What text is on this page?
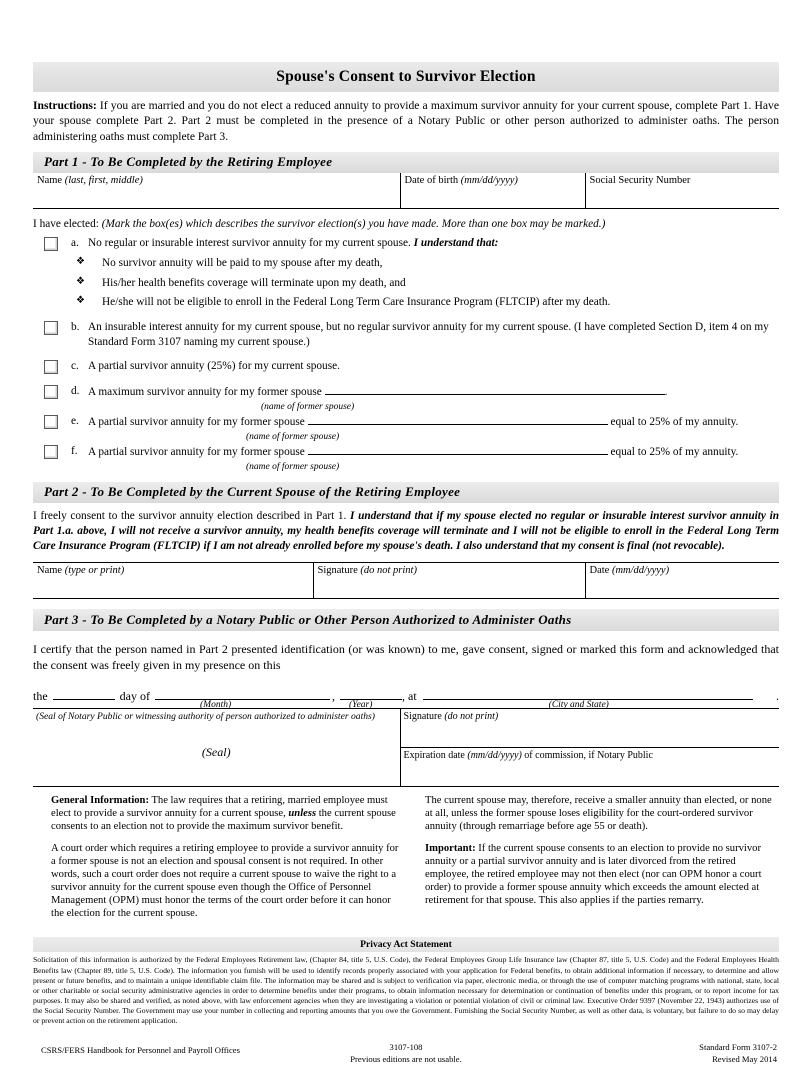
Spouse's Consent to Survivor Election
Instructions: If you are married and you do not elect a reduced annuity to provide a maximum survivor annuity for your current spouse, complete Part 1. Have your spouse complete Part 2. Part 2 must be completed in the presence of a Notary Public or other person authorized to administer oaths. The person administering oaths must complete Part 3.
Part 1 - To Be Completed by the Retiring Employee
Name (last, first, middle)	Date of birth (mm/dd/yyyy)	Social Security Number
I have elected: (Mark the box(es) which describes the survivor election(s) you have made. More than one box may be marked.)
a. No regular or insurable interest survivor annuity for my current spouse. I understand that:
❖	No survivor annuity will be paid to my spouse after my death,
❖	His/her health benefits coverage will terminate upon my death, and
❖	He/she will not be eligible to enroll in the Federal Long Term Care Insurance Program (FLTCIP) after my death.
b. An insurable interest annuity for my current spouse, but no regular survivor annuity for my current spouse. (I have completed Section D, item 4 on my Standard Form 3107 naming my current spouse.)
c. A partial survivor annuity (25%) for my current spouse.
d. A maximum survivor annuity for my former spouse	.
(name of former spouse)
e. A partial survivor annuity for my former spouse	equal to 25% of my annuity.
(name of former spouse)
f. A partial survivor annuity for my former spouse	equal to 25% of my annuity.
(name of former spouse)
Part 2 - To Be Completed by the Current Spouse of the Retiring Employee
I freely consent to the survivor annuity election described in Part 1. I understand that if my spouse elected no regular or insurable interest survivor annuity in Part 1.a. above, I will not receive a survivor annuity, my health benefits coverage will terminate and I will not be eligible to enroll in the Federal Long Term Care Insurance Program (FLTCIP) if I am not already enrolled before my spouse's death. I also understand that my consent is final (not revocable).
Name (type or print)	Signature (do not print)	Date (mm/dd/yyyy)
Part 3 - To Be Completed by a Notary Public or Other Person Authorized to Administer Oaths
I certify that the person named in Part 2 presented identification (or was known) to me, gave consent, signed or marked this form and acknowledged that the consent was freely given in my presence on this
the	day of
(Month)
,
(Year)
, at
(City and State)
.
(Seal of Notary Public or witnessing authority of person authorized to administer oaths)
(Seal)
	Signature (do not print)
Expiration date (mm/dd/yyyy) of commission, if Notary Public

General Information: The law requires that a retiring, married employee must elect to provide a survivor annuity for a current spouse, unless the current spouse consents to an election not to provide the maximum survivor benefit.

A court order which requires a retiring employee to provide a survivor annuity for a former spouse is not an election and spousal consent is not required. In other words, such a court order does not require a current spouse to waive the right to a survivor annuity for the current spouse even though the Office of Personnel Management (OPM) must honor the terms of the court order before it can honor the election for the current spouse.

The current spouse may, therefore, receive a smaller annuity than elected, or none at all, unless the former spouse loses eligibility for the court-ordered survivor annuity (through remarriage before age 55 or death).

Important: If the current spouse consents to an election to provide no survivor annuity or a partial survivor annuity and is later divorced from the retired employee, the retired employee may not then elect (nor can OPM honor a court order) to provide a former spouse annuity which exceeds the amount elected at retirement for that spouse. This also applies if the parties remarry.

Privacy Act Statement
Solicitation of this information is authorized by the Federal Employees Retirement law, (Chapter 84, title 5, U.S. Code), the Federal Employees Group Life Insurance law (Chapter 87, title 5, U.S. Code) and the Federal Employees Health Benefits law (Chapter 89, title 5, U.S. Code). The information you furnish will be used to identify records properly associated with your application for Federal benefits, to obtain additional information if necessary, to determine and allow present or future benefits, and to maintain a unique identifiable claim file. The information may be shared and is subject to verification via paper, electronic media, or through the use of computer matching programs with national, state, local or other charitable or social security administrative agencies in order to determine benefits under their programs, to obtain information necessary for determination or continuation of benefits under this program, or to report income for tax purposes. It may also be shared and verified, as noted above, with law enforcement agencies when they are investigating a violation or potential violation of civil or criminal law. Executive Order 9397 (November 22, 1943) authorizes use of the Social Security Number. The Government may use your number in collecting and reporting amounts that you owe the Government. Furnishing the Social Security Number, as well as other data, is voluntary, but failure to do so may delay or prevent action on the retirement application.
CSRS/FERS Handbook for Personnel and Payroll Offices	3107-108
Previous editions are not usable.
Standard Form 3107-2
Revised May 2014
